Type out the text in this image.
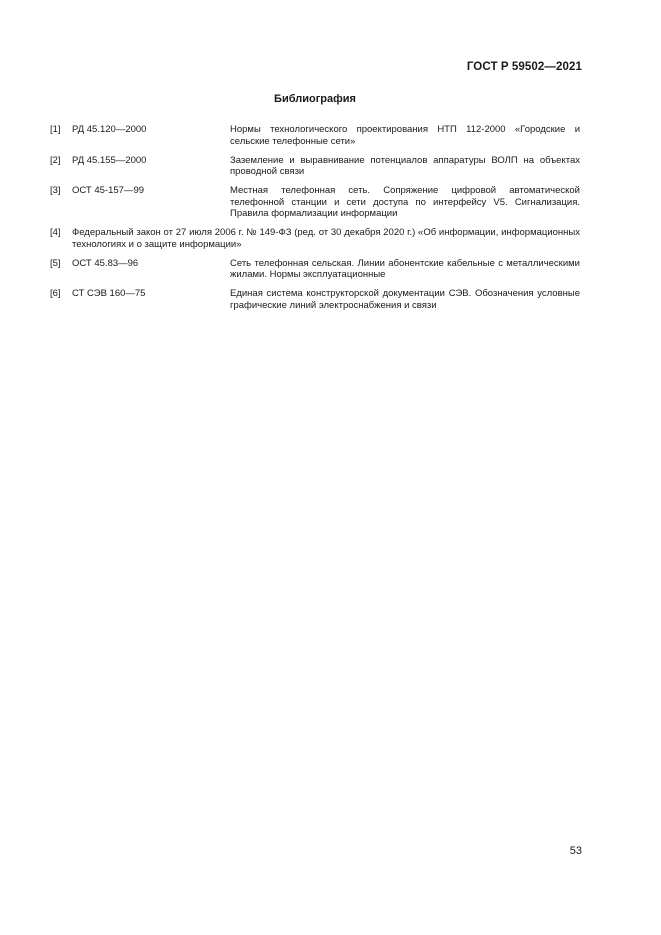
ГОСТ Р 59502—2021
Библиография
[1]	РД 45.120—2000	Нормы технологического проектирования НТП 112-2000 «Городские и сельские телефонные сети»
[2]	РД 45.155—2000	Заземление и выравнивание потенциалов аппаратуры ВОЛП на объектах проводной связи
[3]	ОСТ 45-157—99	Местная телефонная сеть. Сопряжение цифровой автоматической телефонной станции и сети доступа по интерфейсу V5. Сигнализация. Правила формализации информации
[4]	Федеральный закон от 27 июля 2006 г. № 149-ФЗ (ред. от 30 декабря 2020 г.) «Об информации, информационных технологиях и о защите информации»
[5]	ОСТ 45.83—96	Сеть телефонная сельская. Линии абонентские кабельные с металлическими жилами. Нормы эксплуатационные
[6]	СТ СЭВ 160—75	Единая система конструкторской документации СЭВ. Обозначения условные графические линий электроснабжения и связи
53
